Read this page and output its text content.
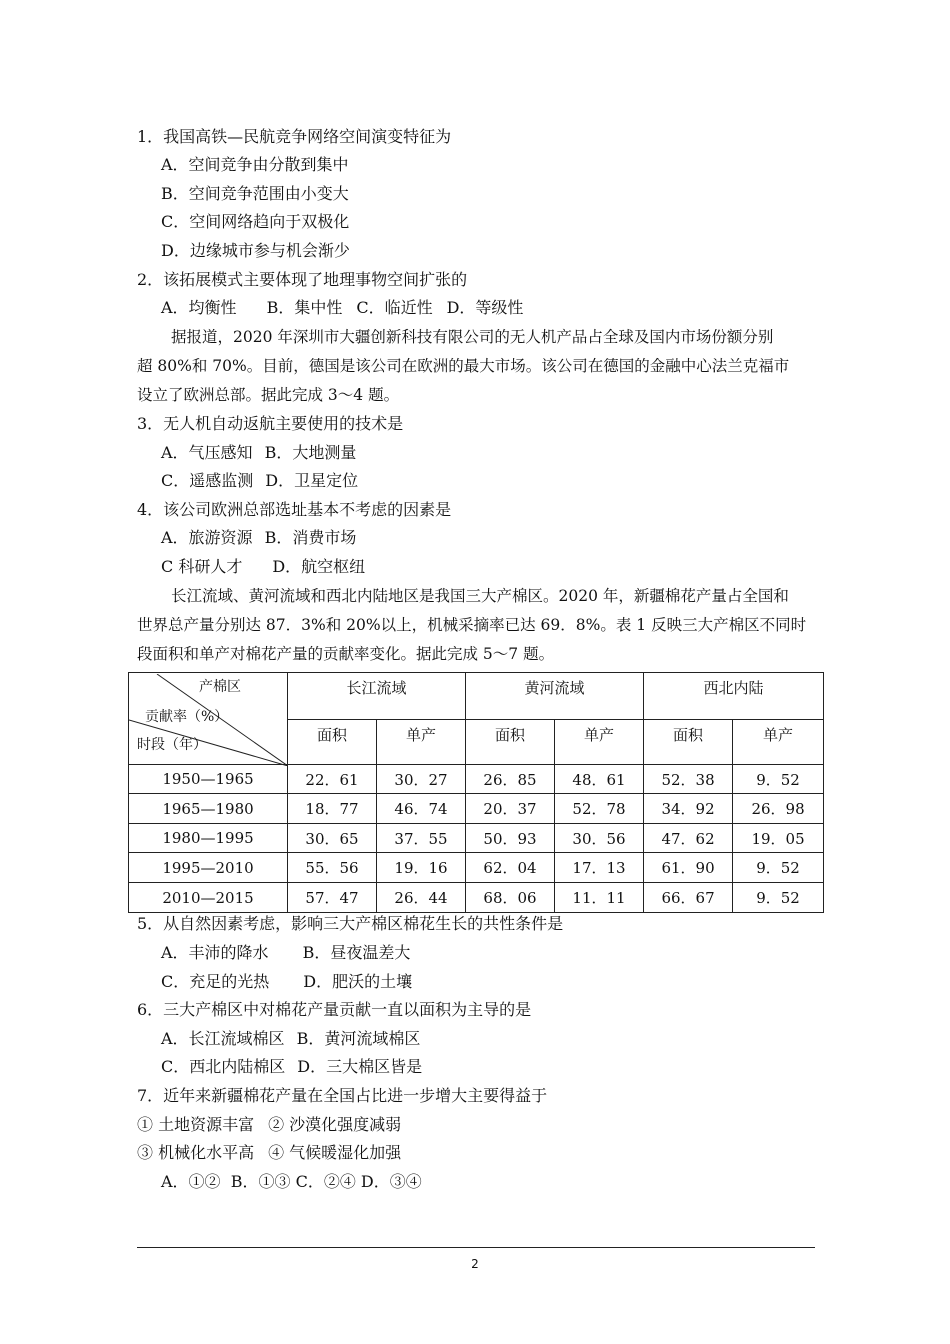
1．我国高铁—民航竞争网络空间演变特征为
A．空间竞争由分散到集中
B．空间竞争范围由小变大
C．空间网络趋向于双极化
D．边缘城市参与机会渐少
2．该拓展模式主要体现了地理事物空间扩张的
A．均衡性 B．集中性 C．临近性 D．等级性
据报道，2020 年深圳市大疆创新科技有限公司的无人机产品占全球及国内市场份额分别
超 80%和 70%。目前，德国是该公司在欧洲的最大市场。该公司在德国的金融中心法兰克福市
设立了欧洲总部。据此完成 3～4 题。
3．无人机自动返航主要使用的技术是
A．气压感知 B．大地测量
C．遥感监测 D．卫星定位
4．该公司欧洲总部选址基本不考虑的因素是
A．旅游资源 B．消费市场
C 科研人才 D．航空枢纽
长江流域、黄河流域和西北内陆地区是我国三大产棉区。2020 年，新疆棉花产量占全国和
世界总产量分别达 87．3%和 20%以上，机械采摘率已达 69．8%。表 1 反映三大产棉区不同时
段面积和单产对棉花产量的贡献率变化。据此完成 5～7 题。
产棉区
贡献率（%）
时段（年）	长江流域		黄河流域		西北内陆	
	面积	单产	面积	单产	面积	单产
1950—1965	22．61	30．27	26．85	48．61	52．38	9．52
1965—1980	18．77	46．74	20．37	52．78	34．92	26．98
1980—1995	30．65	37．55	50．93	30．56	47．62	19．05
1995—2010	55．56	19．16	62．04	17．13	61．90	9．52
2010—2015	57．47	26．44	68．06	11．11	66．67	9．52
5．从自然因素考虑，影响三大产棉区棉花生长的共性条件是
A．丰沛的降水 B．昼夜温差大
C．充足的光热 D．肥沃的土壤
6．三大产棉区中对棉花产量贡献一直以面积为主导的是
A．长江流域棉区 B．黄河流域棉区
C．西北内陆棉区 D．三大棉区皆是
7．近年来新疆棉花产量在全国占比进一步增大主要得益于
① 土地资源丰富 ② 沙漠化强度减弱
③ 机械化水平高 ④ 气候暖湿化加强
A．①②  B．①③ C．②④ D．③④
2
